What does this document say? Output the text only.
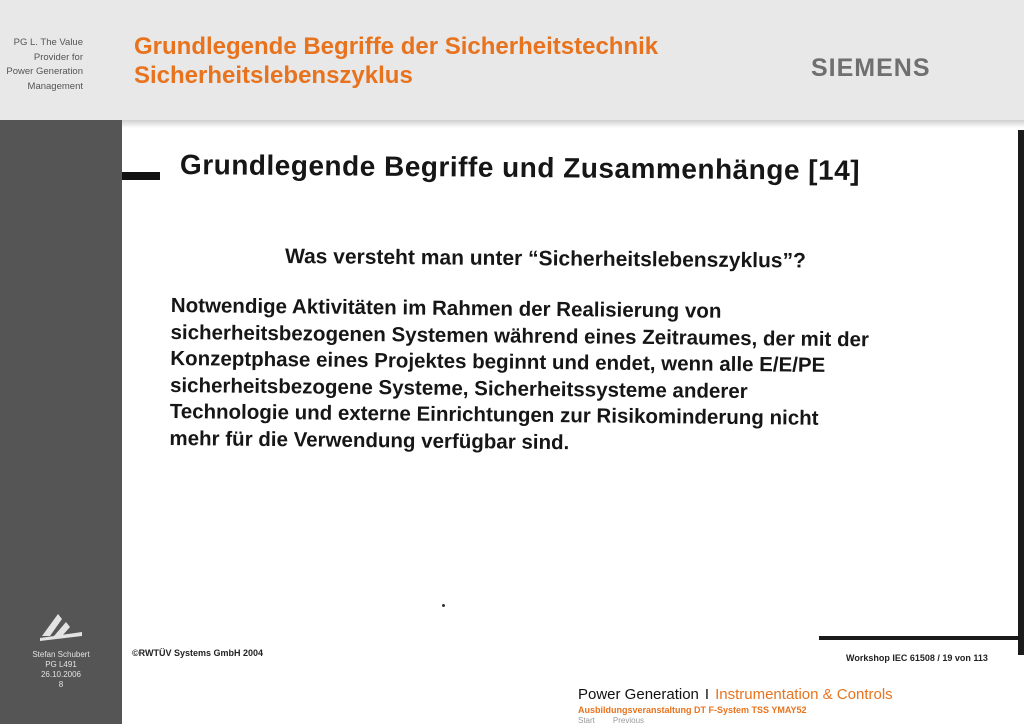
PG L. The Value
Provider for
Power Generation
Management
Grundlegende Begriffe der Sicherheitstechnik
Sicherheitslebenszyklus	SIEMENS
Stefan Schubert
PG L491
26.10.2006
8
Grundlegende Begriffe und Zusammenhänge [14]
Was versteht man unter “Sicherheitslebenszyklus”?
Notwendige Aktivitäten im Rahmen der Realisierung von
sicherheitsbezogenen Systemen während eines Zeitraumes, der mit der
Konzeptphase eines Projektes beginnt und endet, wenn alle E/E/PE
sicherheitsbezogene Systeme, Sicherheitssysteme anderer
Technologie und externe Einrichtungen zur Risikominderung nicht
mehr für die Verwendung verfügbar sind.
©RWTÜV Systems GmbH 2004	Workshop IEC 61508 / 19 von 113
Power Generation I Instrumentation & Controls
Ausbildungsveranstaltung DT F-System TSS YMAY52
Start Previous
